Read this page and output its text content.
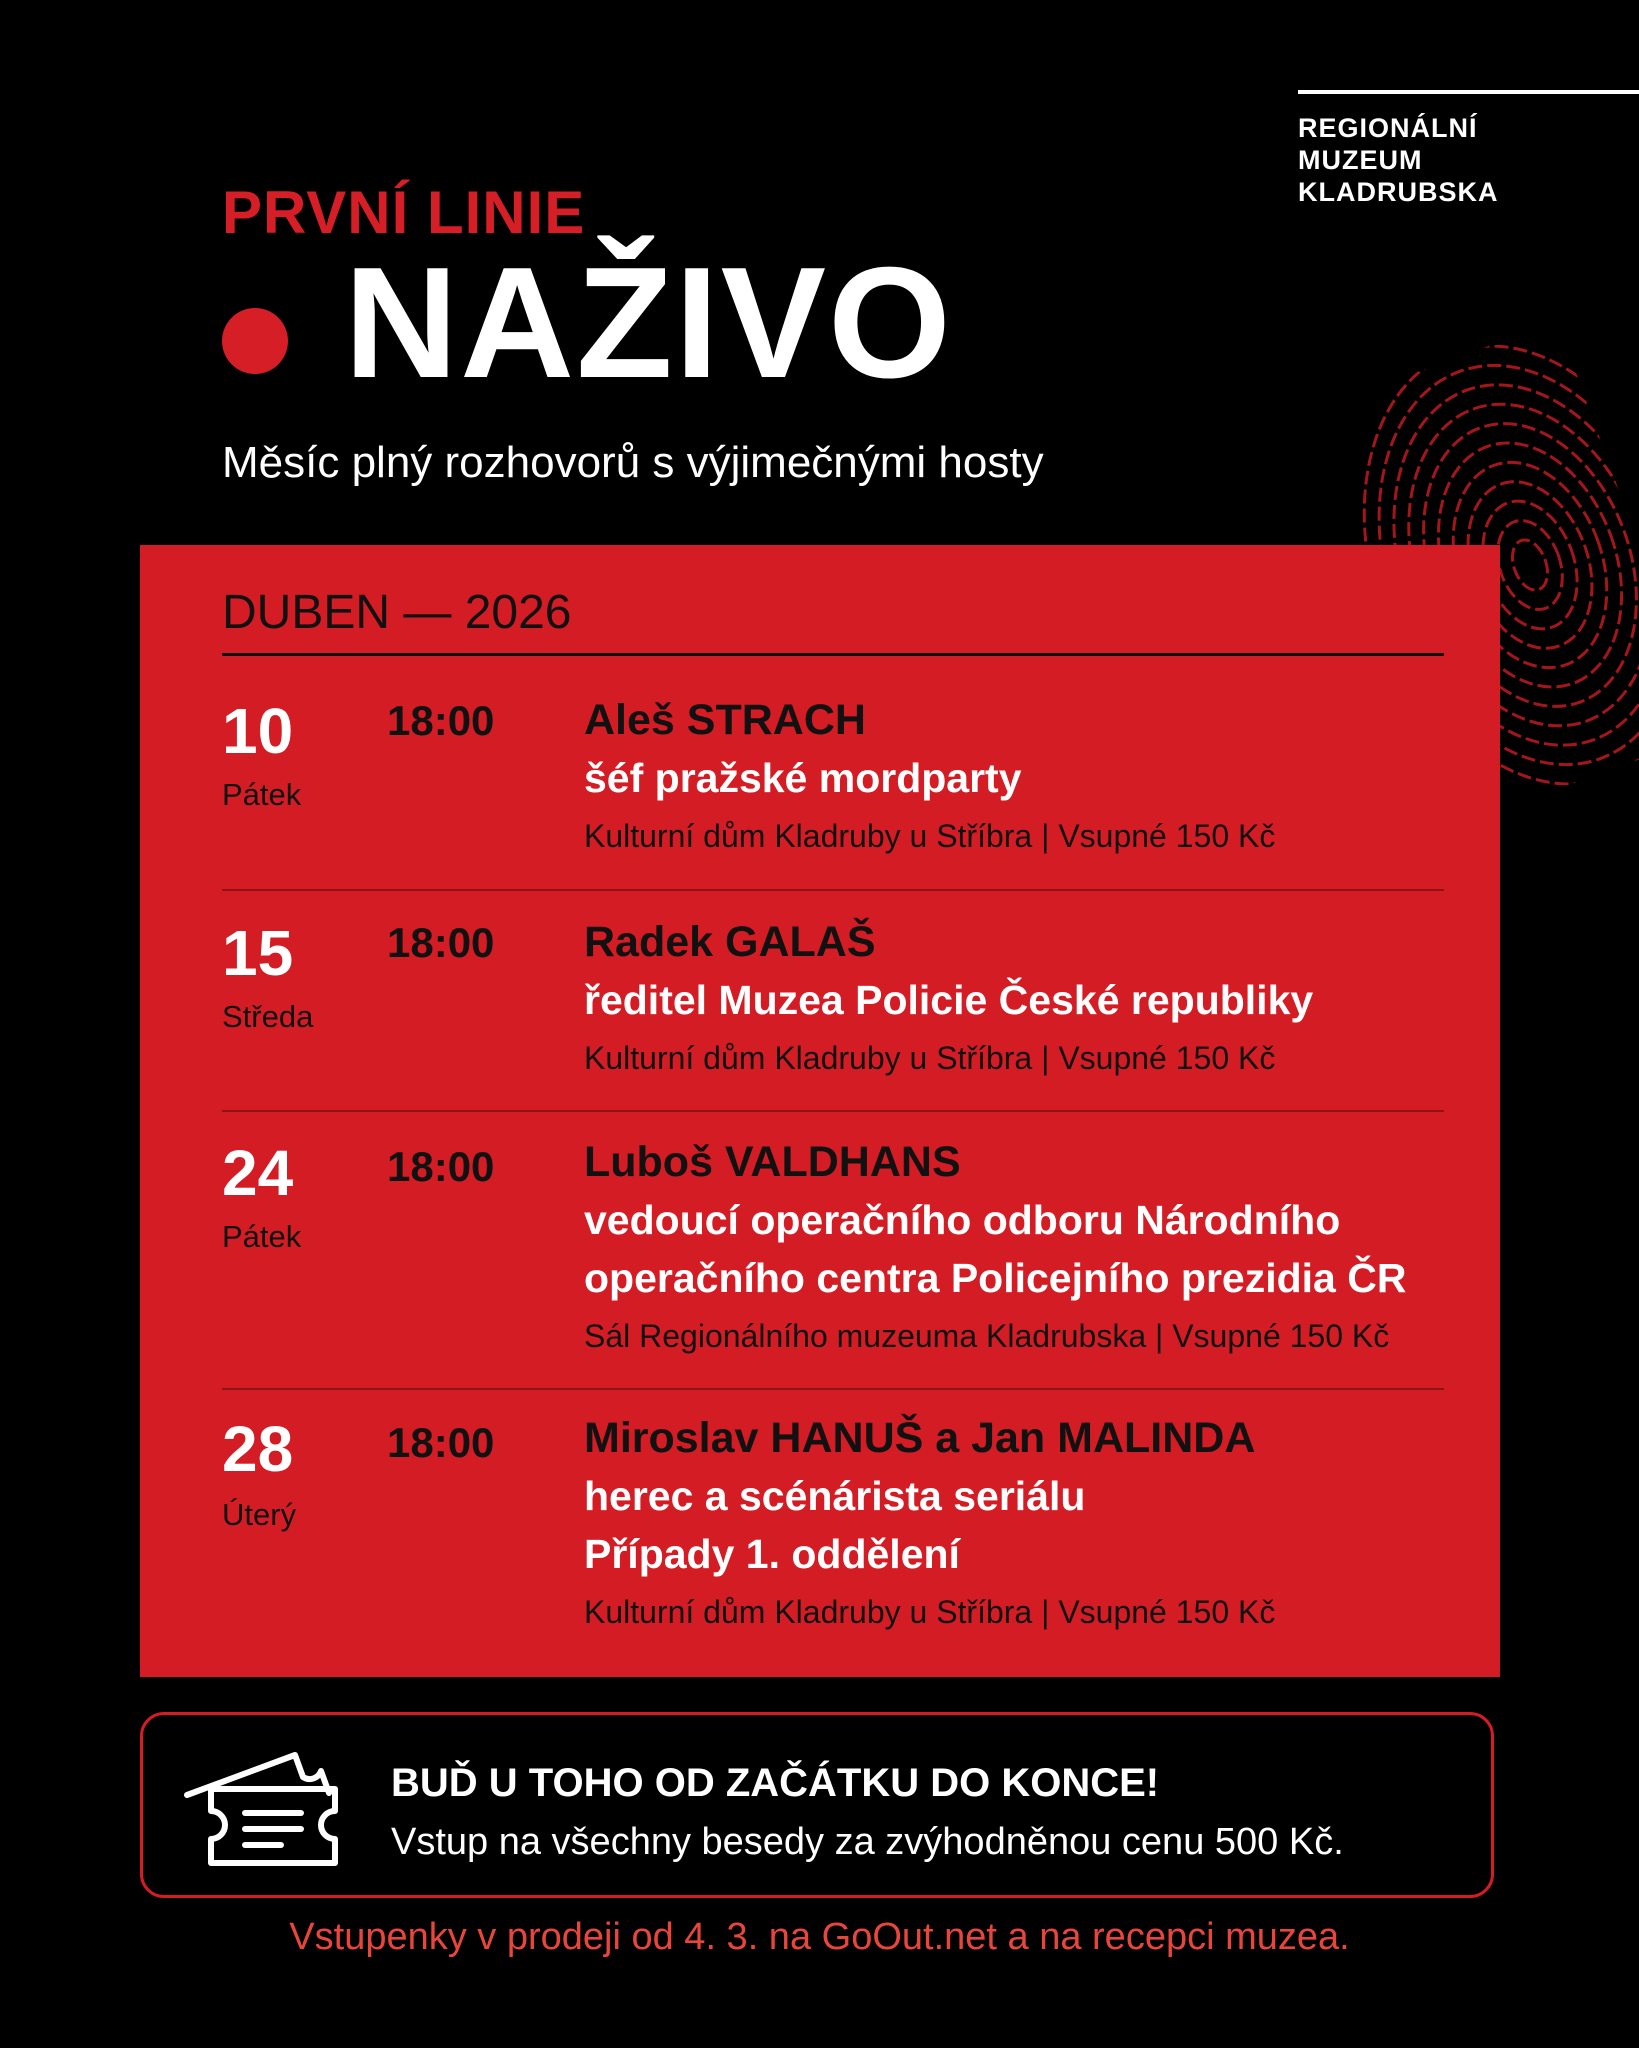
REGIONÁLNÍ
MUZEUM
KLADRUBSKA
PRVNÍ LINIE
NAŽIVO
Měsíc plný rozhovorů s výjimečnými hosty
DUBEN — 2026
10
Pátek
18:00 Aleš STRACH
šéf pražské mordparty
Kulturní dům Kladruby u Stříbra | Vsupné 150 Kč
15
Středa
18:00 Radek GALAŠ
ředitel Muzea Policie České republiky
Kulturní dům Kladruby u Stříbra | Vsupné 150 Kč
24
Pátek
18:00 Luboš VALDHANS
vedoucí operačního odboru Národního
operačního centra Policejního prezidia ČR
Sál Regionálního muzeuma Kladrubska | Vsupné 150 Kč
28
Úterý
18:00 Miroslav HANUŠ a Jan MALINDA
herec a scénárista seriálu
Případy 1. oddělení
Kulturní dům Kladruby u Stříbra | Vsupné 150 Kč
BUĎ U TOHO OD ZAČÁTKU DO KONCE!
Vstup na všechny besedy za zvýhodněnou cenu 500 Kč.
Vstupenky v prodeji od 4. 3. na GoOut.net a na recepci muzea.
